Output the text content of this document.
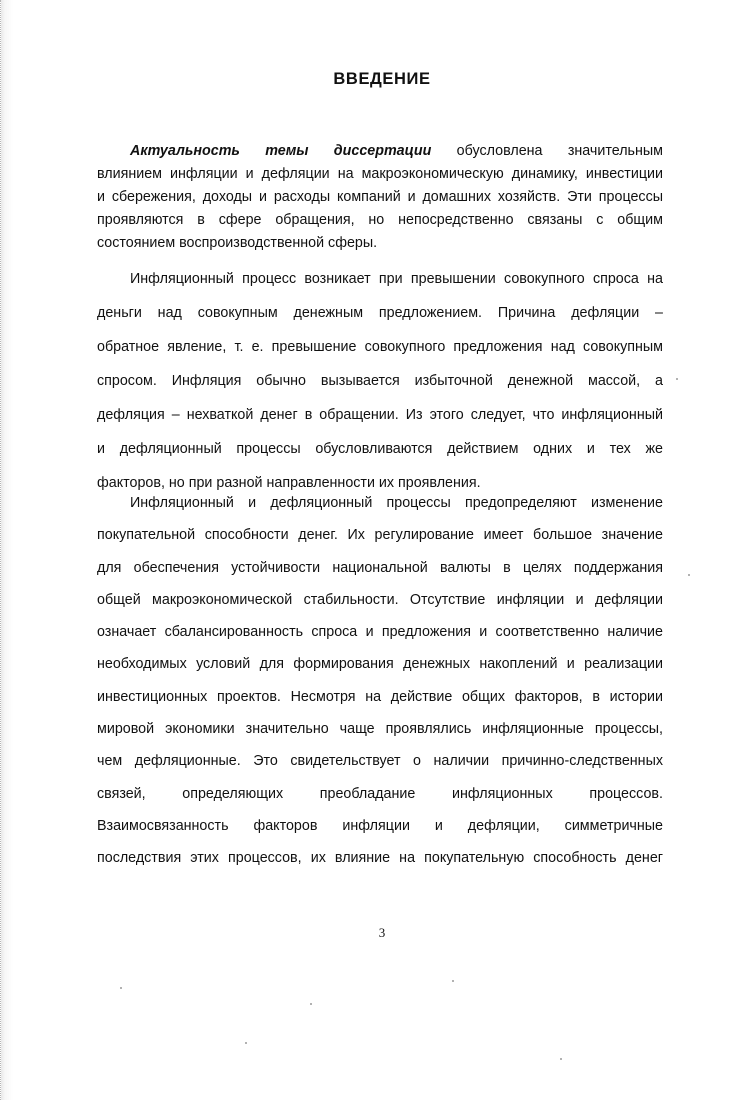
ВВЕДЕНИЕ
Актуальность темы диссертации обусловлена значительным
влиянием инфляции и дефляции на макроэкономическую динамику, инвестиции
и сбережения, доходы и расходы компаний и домашних хозяйств. Эти процессы
проявляются в сфере обращения, но непосредственно связаны с общим
состоянием воспроизводственной сферы.
Инфляционный процесс возникает при превышении совокупного спроса на
деньги над совокупным денежным предложением. Причина дефляции –
обратное явление, т. е. превышение совокупного предложения над совокупным
спросом. Инфляция обычно вызывается избыточной денежной массой, а
дефляция – нехваткой денег в обращении. Из этого следует, что инфляционный
и дефляционный процессы обусловливаются действием одних и тех же
факторов, но при разной направленности их проявления.
Инфляционный и дефляционный процессы предопределяют изменение
покупательной способности денег. Их регулирование имеет большое значение
для обеспечения устойчивости национальной валюты в целях поддержания
общей макроэкономической стабильности. Отсутствие инфляции и дефляции
означает сбалансированность спроса и предложения и соответственно наличие
необходимых условий для формирования денежных накоплений и реализации
инвестиционных проектов. Несмотря на действие общих факторов, в истории
мировой экономики значительно чаще проявлялись инфляционные процессы,
чем дефляционные. Это свидетельствует о наличии причинно-следственных
связей, определяющих преобладание инфляционных процессов.
Взаимосвязанность факторов инфляции и дефляции, симметричные
последствия этих процессов, их влияние на покупательную способность денег
3
